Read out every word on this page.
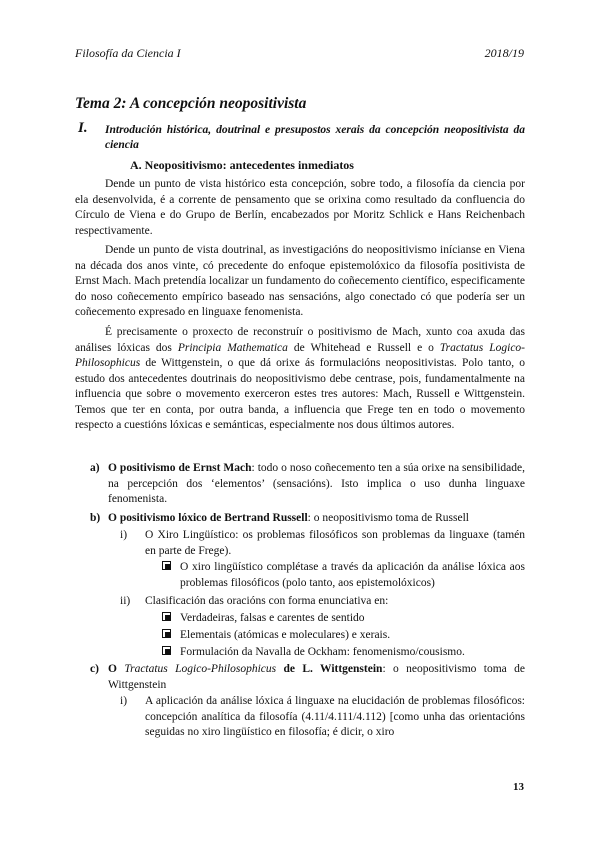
Filosofía da Ciencia I	2018/19
Tema 2: A concepción neopositivista
I. Introdución histórica, doutrinal e presupostos xerais da concepción neopositivista da ciencia
A. Neopositivismo: antecedentes inmediatos
Dende un punto de vista histórico esta concepción, sobre todo, a filosofía da ciencia por ela desenvolvida, é a corrente de pensamento que se orixina como resultado da confluencia do Círculo de Viena e do Grupo de Berlín, encabezados por Moritz Schlick e Hans Reichenbach respectivamente.
Dende un punto de vista doutrinal, as investigacións do neopositivismo inícianse en Viena na década dos anos vinte, có precedente do enfoque epistemolóxico da filosofía positivista de Ernst Mach. Mach pretendía localizar un fundamento do coñecemento científico, especificamente do noso coñecemento empírico baseado nas sensacións, algo conectado có que podería ser un coñecemento expresado en linguaxe fenomenista.
É precisamente o proxecto de reconstruír o positivismo de Mach, xunto coa axuda das análises lóxicas dos Principia Mathematica de Whitehead e Russell e o Tractatus Logico-Philosophicus de Wittgenstein, o que dá orixe ás formulacións neopositivistas. Polo tanto, o estudo dos antecedentes doutrinais do neopositivismo debe centrase, pois, fundamentalmente na influencia que sobre o movemento exerceron estes tres autores: Mach, Russell e Wittgenstein. Temos que ter en conta, por outra banda, a influencia que Frege ten en todo o movemento respecto a cuestións lóxicas e semánticas, especialmente nos dous últimos autores.
a) O positivismo de Ernst Mach: todo o noso coñecemento ten a súa orixe na sensibilidade, na percepción dos ‘elementos’ (sensacións). Isto implica o uso dunha linguaxe fenomenista.
b) O positivismo lóxico de Bertrand Russell: o neopositivismo toma de Russell
i) O Xiro Lingüístico: os problemas filosóficos son problemas da linguaxe (tamén en parte de Frege).
O xiro lingüístico complétase a través da aplicación da análise lóxica aos problemas filosóficos (polo tanto, aos epistemolóxicos)
ii) Clasificación das oracións con forma enunciativa en:
Verdadeiras, falsas e carentes de sentido
Elementais (atómicas e moleculares) e xerais.
Formulación da Navalla de Ockham: fenomenismo/cousismo.
c) O Tractatus Logico-Philosophicus de L. Wittgenstein: o neopositivismo toma de Wittgenstein
i) A aplicación da análise lóxica á linguaxe na elucidación de problemas filosóficos: concepción analítica da filosofía (4.11/4.111/4.112) [como unha das orientacións seguidas no xiro lingüístico en filosofía; é dicir, o xiro
13
